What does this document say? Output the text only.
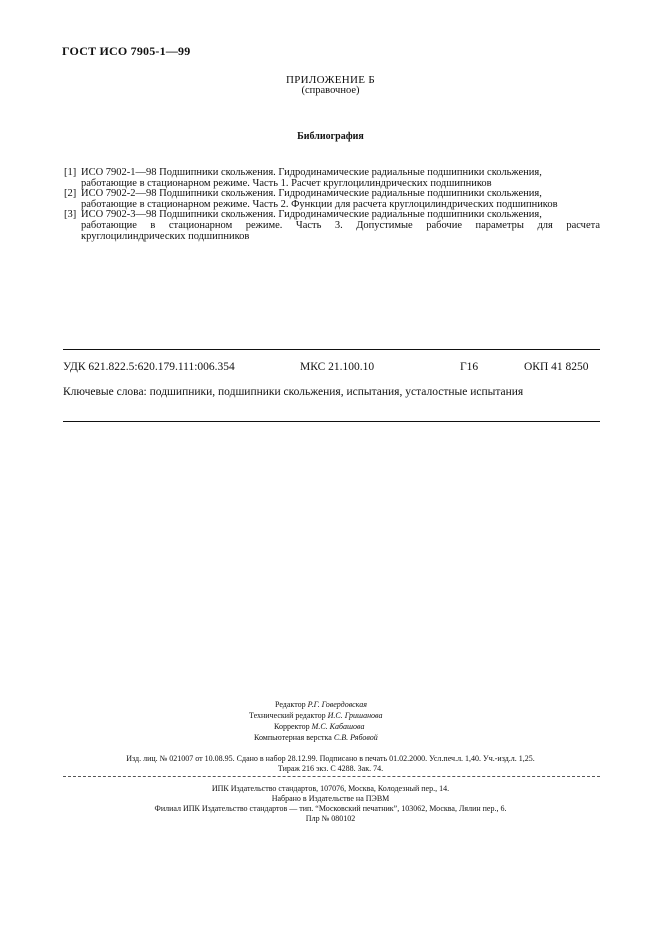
ГОСТ ИСО 7905-1—99
ПРИЛОЖЕНИЕ Б
(справочное)
Библиография
[1] ИСО 7902-1—98 Подшипники скольжения. Гидродинамические радиальные подшипники скольжения,
работающие в стационарном режиме. Часть 1. Расчет круглоцилиндрических подшипников
[2] ИСО 7902-2—98 Подшипники скольжения. Гидродинамические радиальные подшипники скольжения,
работающие в стационарном режиме. Часть 2. Функции для расчета круглоцилиндрических подшипников
[3] ИСО 7902-3—98 Подшипники скольжения. Гидродинамические радиальные подшипники скольжения,
работающие в стационарном режиме. Часть 3. Допустимые рабочие параметры для расчета
круглоцилиндрических подшипников
УДК 621.822.5:620.179.111:006.354	МКС 21.100.10	Г16	ОКП 41 8250
Ключевые слова: подшипники, подшипники скольжения, испытания, усталостные испытания
Редактор Р.Г. Говердовская
Технический редактор И.С. Гришанова
Корректор М.С. Кабашова
Компьютерная верстка С.В. Рябовой
Изд. лиц. № 021007 от 10.08.95. Сдано в набор 28.12.99. Подписано в печать 01.02.2000. Усл.печ.л. 1,40. Уч.-изд.л. 1,25.
Тираж 216 экз. С 4288. Зак. 74.
ИПК Издательство стандартов, 107076, Москва, Колодезный пер., 14.
Набрано в Издательстве на ПЭВМ
Филиал ИПК Издательство стандартов — тип. “Московский печатник”, 103062, Москва, Лялин пер., 6.
Плр № 080102
